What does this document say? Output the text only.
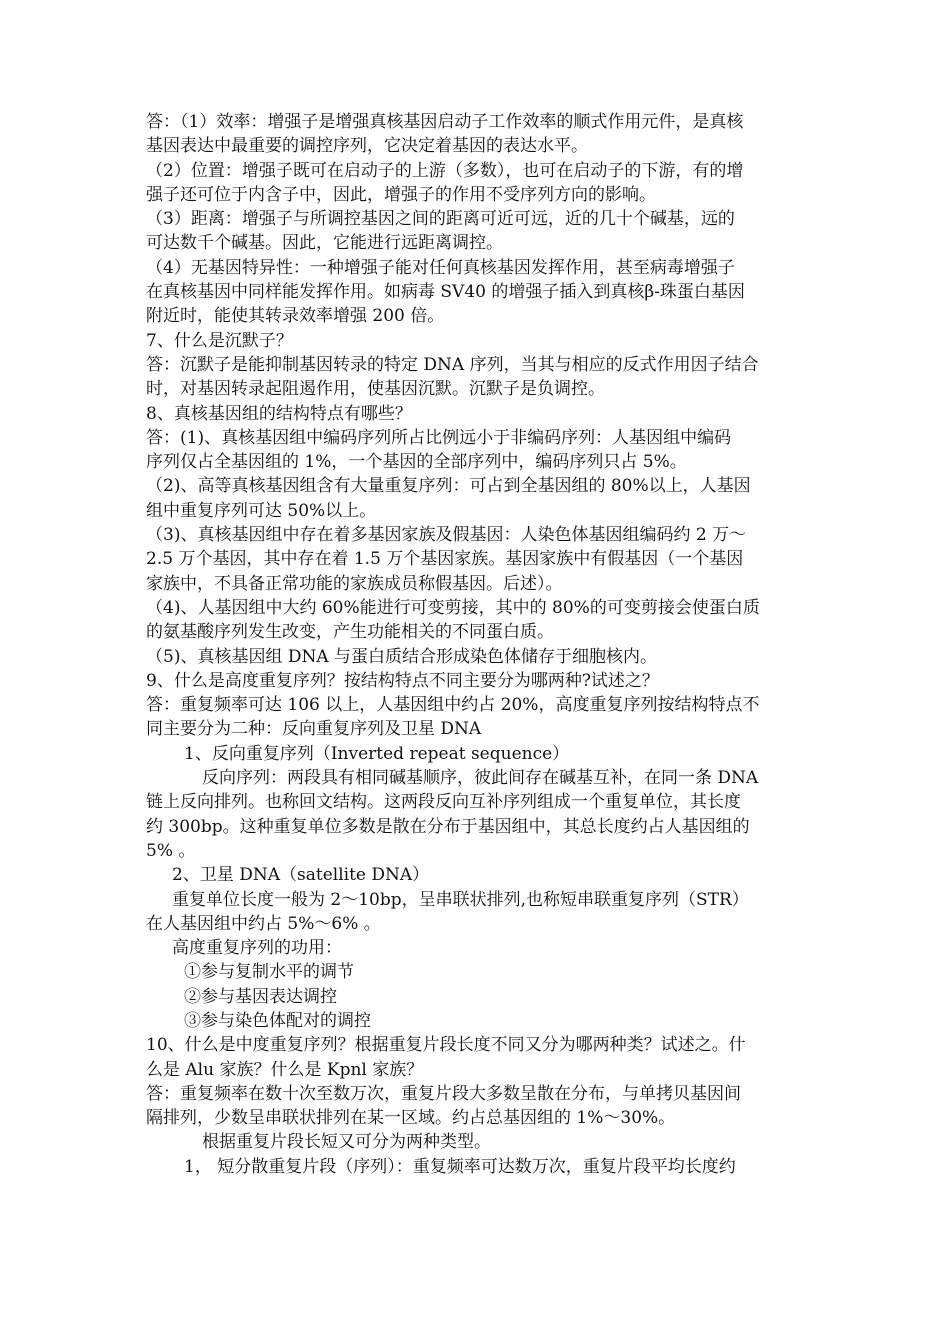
答：（1）效率：增强子是增强真核基因启动子工作效率的顺式作用元件，是真核
基因表达中最重要的调控序列，它决定着基因的表达水平。
（2）位置：增强子既可在启动子的上游（多数），也可在启动子的下游，有的增
强子还可位于内含子中，因此，增强子的作用不受序列方向的影响。
（3）距离：增强子与所调控基因之间的距离可近可远，近的几十个碱基，远的
可达数千个碱基。因此，它能进行远距离调控。
（4）无基因特异性：一种增强子能对任何真核基因发挥作用，甚至病毒增强子
在真核基因中同样能发挥作用。如病毒 SV40 的增强子插入到真核β-珠蛋白基因
附近时，能使其转录效率增强 200 倍。
7、什么是沉默子？
答：沉默子是能抑制基因转录的特定 DNA 序列，当其与相应的反式作用因子结合
时，对基因转录起阻遏作用，使基因沉默。沉默子是负调控。
8、真核基因组的结构特点有哪些？
答：(1)、真核基因组中编码序列所占比例远小于非编码序列：人基因组中编码
序列仅占全基因组的 1%，一个基因的全部序列中，编码序列只占 5%。
（2)、高等真核基因组含有大量重复序列：可占到全基因组的 80%以上，人基因
组中重复序列可达 50%以上。
（3)、真核基因组中存在着多基因家族及假基因：人染色体基因组编码约 2 万～
2.5 万个基因，其中存在着 1.5 万个基因家族。基因家族中有假基因（一个基因
家族中，不具备正常功能的家族成员称假基因。后述）。
（4)、人基因组中大约 60%能进行可变剪接，其中的 80%的可变剪接会使蛋白质
的氨基酸序列发生改变，产生功能相关的不同蛋白质。
（5)、真核基因组 DNA 与蛋白质结合形成染色体储存于细胞核内。
9、什么是高度重复序列？按结构特点不同主要分为哪两种?试述之？
答：重复频率可达 106 以上，人基因组中约占 20%，高度重复序列按结构特点不
同主要分为二种：反向重复序列及卫星 DNA
1、反向重复序列（Inverted repeat sequence）
反向序列：两段具有相同碱基顺序，彼此间存在碱基互补，在同一条 DNA
链上反向排列。也称回文结构。这两段反向互补序列组成一个重复单位，其长度
约 300bp。这种重复单位多数是散在分布于基因组中，其总长度约占人基因组的
5% 。
2、卫星 DNA（satellite DNA）
重复单位长度一般为 2～10bp，呈串联状排列,也称短串联重复序列（STR）
在人基因组中约占 5%～6% 。
高度重复序列的功用：
①参与复制水平的调节
②参与基因表达调控
③参与染色体配对的调控
10、什么是中度重复序列？根据重复片段长度不同又分为哪两种类？试述之。什
么是 Alu 家族？什么是 Kpnl 家族？
答：重复频率在数十次至数万次，重复片段大多数呈散在分布，与单拷贝基因间
隔排列，少数呈串联状排列在某一区域。约占总基因组的 1%～30%。
根据重复片段长短又可分为两种类型。
1， 短分散重复片段（序列）：重复频率可达数万次，重复片段平均长度约
